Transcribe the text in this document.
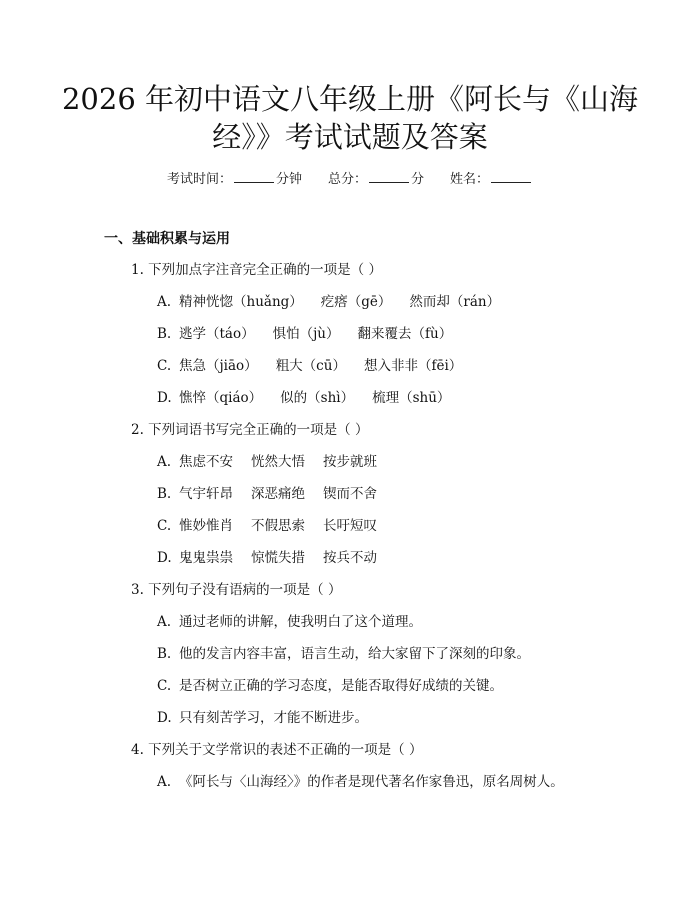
2026 年初中语文八年级上册《阿长与《山海
经》》考试试题及答案
考试时间：	分钟 总分：	分 姓名：
一、基础积累与运用
1. 下列加点字注音完全正确的一项是（ ）
A. 精神恍惚（huǎng） 疙瘩（gē） 然而却（rán）
B. 逃学（táo） 惧怕（jù） 翻来覆去（fù）
C. 焦急（jiāo） 粗大（cū） 想入非非（fēi）
D. 憔悴（qiáo） 似的（shì） 梳理（shū）
2. 下列词语书写完全正确的一项是（ ）
A. 焦虑不安 恍然大悟 按步就班
B. 气宇轩昂 深恶痛绝 锲而不舍
C. 惟妙惟肖 不假思索 长吁短叹
D. 鬼鬼祟祟 惊慌失措 按兵不动
3. 下列句子没有语病的一项是（ ）
A. 通过老师的讲解，使我明白了这个道理。
B. 他的发言内容丰富，语言生动，给大家留下了深刻的印象。
C. 是否树立正确的学习态度，是能否取得好成绩的关键。
D. 只有刻苦学习，才能不断进步。
4. 下列关于文学常识的表述不正确的一项是（ ）
A. 《阿长与〈山海经〉》的作者是现代著名作家鲁迅，原名周树人。
